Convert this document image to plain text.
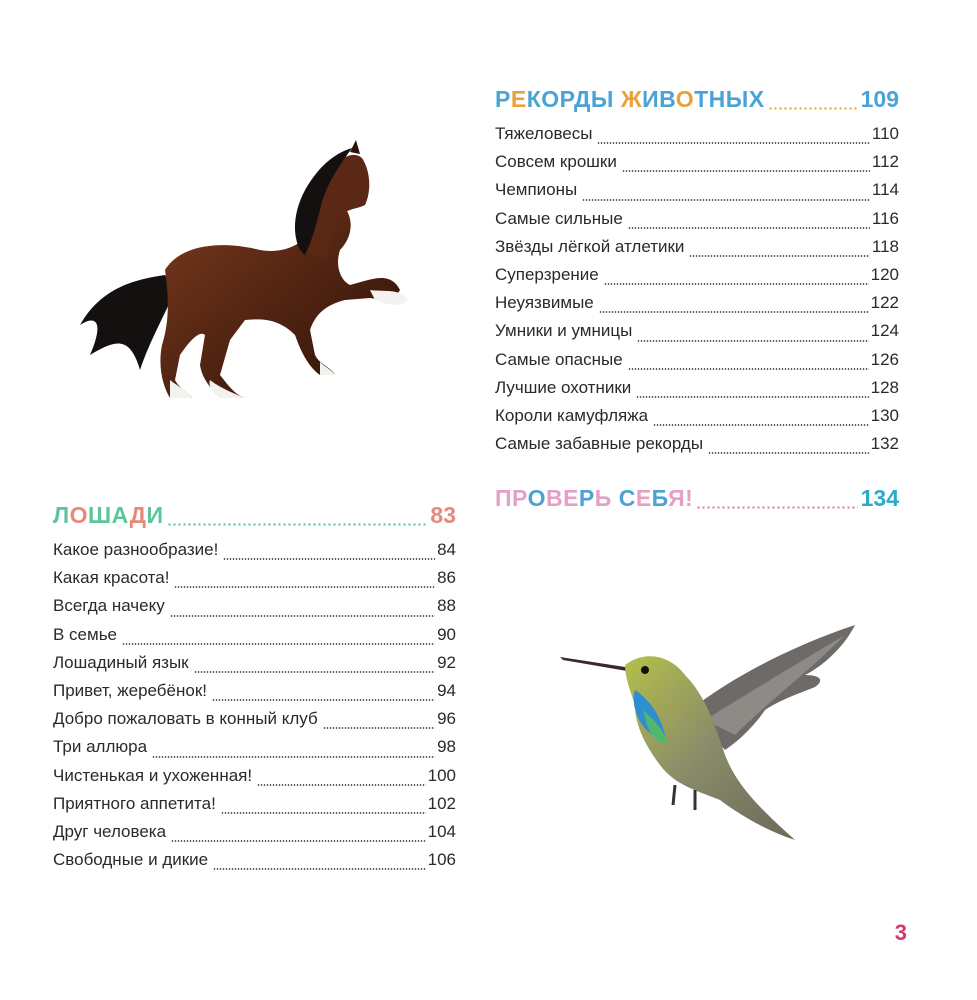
РЕКОРДЫ ЖИВОТНЫХ	109
Тяжеловесы	110
Совсем крошки	112
Чемпионы	114
Самые сильные	116
Звёзды лёгкой атлетики	118
Суперзрение	120
Неуязвимые	122
Умники и умницы	124
Самые опасные	126
Лучшие охотники	128
Короли камуфляжа	130
Самые забавные рекорды	132
ПРОВЕРЬ СЕБЯ!	134
ЛОШАДИ	83
Какое разнообразие!	84
Какая красота!	86
Всегда начеку	88
В семье	90
Лошадиный язык	92
Привет, жеребёнок!	94
Добро пожаловать в конный клуб	96
Три аллюра	98
Чистенькая и ухоженная!	100
Приятного аппетита!	102
Друг человека	104
Свободные и дикие	106
3
